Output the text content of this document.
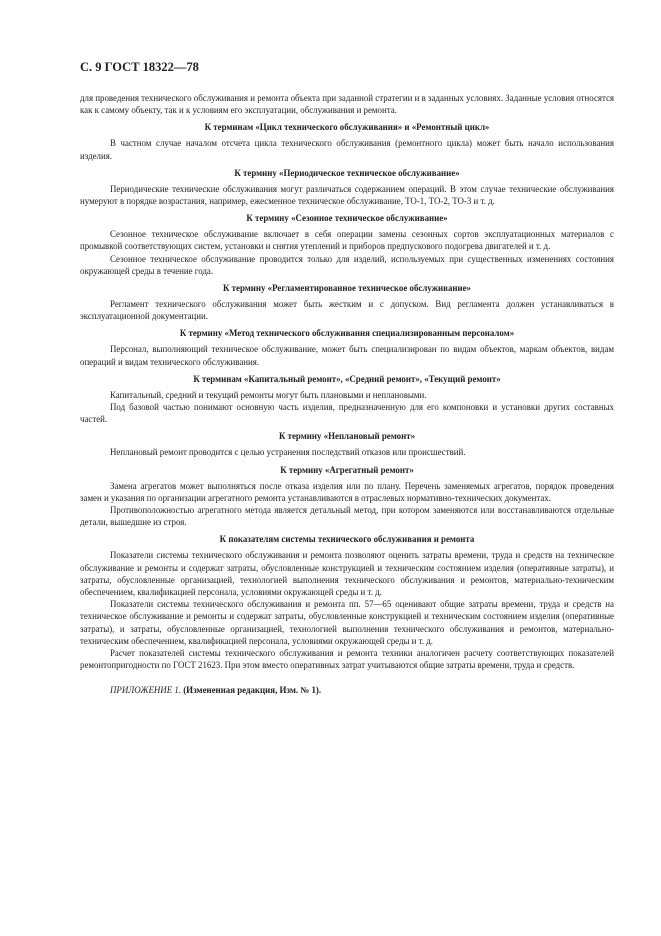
С. 9 ГОСТ 18322—78

для проведения технического обслуживания и ремонта объекта при заданной стратегии и в заданных условиях. Заданные условия относятся как к самому объекту, так и к условиям его эксплуатации, обслуживания и ремонта.

К терминам «Цикл технического обслуживания» и «Ремонтный цикл»

В частном случае началом отсчета цикла технического обслуживания (ремонтного цикла) может быть начало использования изделия.

К термину «Периодическое техническое обслуживание»

Периодические технические обслуживания могут различаться содержанием операций. В этом случае технические обслуживания нумеруют в порядке возрастания, например, ежесменное техническое обслуживание, ТО-1, ТО-2, ТО-3 и т. д.

К термину «Сезонное техническое обслуживание»

Сезонное техническое обслуживание включает в себя операции замены сезонных сортов эксплуатационных материалов с промывкой соответствующих систем, установки и снятия утеплений и приборов предпускового подогрева двигателей и т. д.

Сезонное техническое обслуживание проводится только для изделий, используемых при существенных изменениях состояния окружающей среды в течение года.

К термину «Регламентированное техническое обслуживание»

Регламент технического обслуживания может быть жестким и с допуском. Вид регламента должен устанавливаться в эксплуатационной документации.

К термину «Метод технического обслуживания специализированным персоналом»

Персонал, выполняющий техническое обслуживание, может быть специализирован по видам объектов, маркам объектов, видам операций и видам технического обслуживания.

К терминам «Капитальный ремонт», «Средний ремонт», «Текущий ремонт»

Капитальный, средний и текущий ремонты могут быть плановыми и неплановыми.

Под базовой частью понимают основную часть изделия, предназначенную для его компоновки и установки других составных частей.

К термину «Неплановый ремонт»

Неплановый ремонт проводится с целью устранения последствий отказов или происшествий.

К термину «Агрегатный ремонт»

Замена агрегатов может выполняться после отказа изделия или по плану. Перечень заменяемых агрегатов, порядок проведения замен и указания по организации агрегатного ремонта устанавливаются в отраслевых нормативно-технических документах.

Противоположностью агрегатного метода является детальный метод, при котором заменяются или восстанавливаются отдельные детали, вышедшие из строя.

К показателям системы технического обслуживания и ремонта

Показатели системы технического обслуживания и ремонта позволяют оценить затраты времени, труда и средств на техническое обслуживание и ремонты и содержат затраты, обусловленные конструкцией и техническим состоянием изделия (оперативные затраты), и затраты, обусловленные организацией, технологией выполнения технического обслуживания и ремонтов, материально-техническим обеспечением, квалификацией персонала, условиями окружающей среды и т. д.

Показатели системы технического обслуживания и ремонта пп. 57—65 оценивают общие затраты времени, труда и средств на техническое обслуживание и ремонты и содержат затраты, обусловленные конструкцией и техническим состоянием изделия (оперативные затраты), и затраты, обусловленные организацией, технологией выполнения технического обслуживания и ремонтов, материально-техническим обеспечением, квалификацией персонала, условиями окружающей среды и т. д.

Расчет показателей системы технического обслуживания и ремонта техники аналогичен расчету соответствующих показателей ремонтопригодности по ГОСТ 21623. При этом вместо оперативных затрат учитываются общие затраты времени, труда и средств.

ПРИЛОЖЕНИЕ 1. (Измененная редакция, Изм. № 1).
